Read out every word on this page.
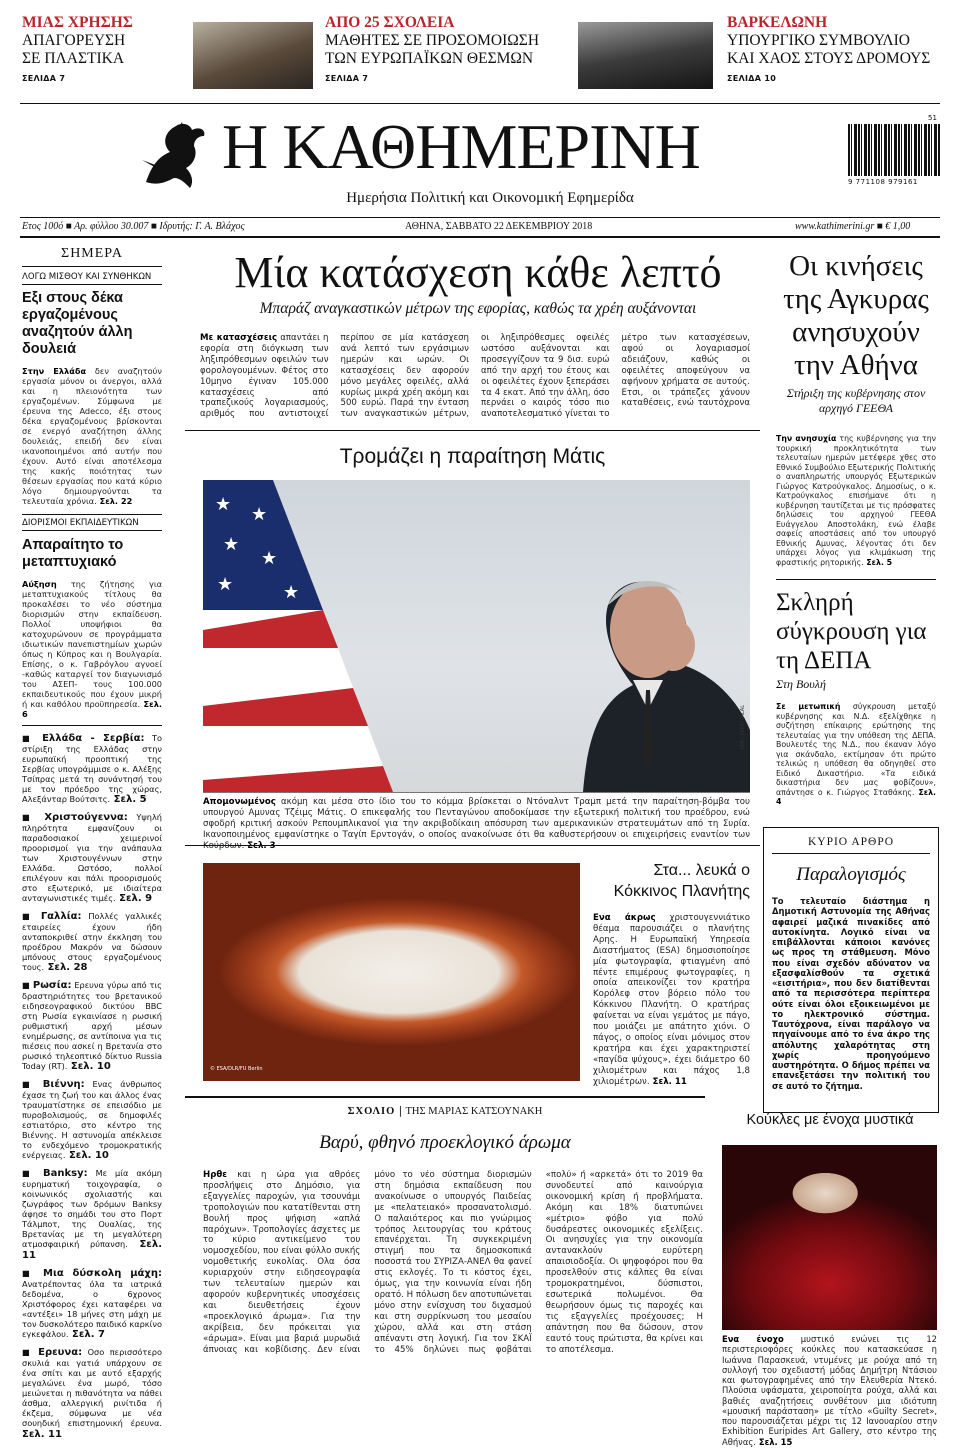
ΜΙΑΣ ΧΡΗΣΗΣ
ΑΠΑΓΟΡΕΥΣΗ
ΣΕ ΠΛΑΣΤΙΚΑ
ΣΕΛΙΔΑ 7
ΑΠΟ 25 ΣΧΟΛΕΙΑ
ΜΑΘΗΤΕΣ ΣΕ ΠΡΟΣΟΜΟΙΩΣΗ
ΤΩΝ ΕΥΡΩΠΑΪΚΩΝ ΘΕΣΜΩΝ
ΣΕΛΙΔΑ 7
ΒΑΡΚΕΛΩΝΗ
ΥΠΟΥΡΓΙΚΟ ΣΥΜΒΟΥΛΙΟ
ΚΑΙ ΧΑΟΣ ΣΤΟΥΣ ΔΡΟΜΟΥΣ
ΣΕΛΙΔΑ 10
Η ΚΑΘΗΜΕΡΙΝΗ
Ημερήσια Πολιτική και Οικονομική Εφημερίδα
9 771108 979161
51
Ετος 100ό ■ Αρ. φύλλου 30.007 ■ Ιδρυτής: Γ. Α. Βλάχος	ΑΘΗΝΑ, ΣΑΒΒΑΤΟ 22 ΔΕΚΕΜΒΡΙΟΥ 2018	www.kathimerini.gr ■ € 1,00
ΣΗΜΕΡΑ
ΛΟΓΩ ΜΙΣΘΟΥ ΚΑΙ ΣΥΝΘΗΚΩΝ
Εξι στους δέκα εργαζομένους αναζητούν άλλη δουλειά
Στην Ελλάδα δεν αναζητούν εργασία μόνον οι άνεργοι, αλλά και η πλειονότητα των εργαζομένων. Σύμφωνα με έρευνα της Adecco, έξι στους δέκα εργαζομένους βρίσκονται σε ενεργό αναζήτηση άλλης δουλειάς, επειδή δεν είναι ικανοποιημένοι από αυτήν που έχουν. Αυτό είναι αποτέλεσμα της κακής ποιότητας των θέσεων εργασίας που κατά κύριο λόγο δημιουργούνται τα τελευταία χρόνια. Σελ. 22
ΔΙΟΡΙΣΜΟΙ ΕΚΠΑΙΔΕΥΤΙΚΩΝ
Απαραίτητο το μεταπτυχιακό
Αύξηση της ζήτησης για μεταπτυχιακούς τίτλους θα προκαλέσει το νέο σύστημα διορισμών στην εκπαίδευση. Πολλοί υποψήφιοι θα κατοχυρώνουν σε προγράμματα ιδιωτικών πανεπιστημίων χωρών όπως η Κύπρος και η Βουλγαρία. Επίσης, ο κ. Γαβρόγλου αγνοεί -καθώς καταργεί τον διαγωνισμό του ΑΣΕΠ- τους 100.000 εκπαιδευτικούς που έχουν μικρή ή και καθόλου προϋπηρεσία. Σελ. 6
■ Ελλάδα - Σερβία: Το στίριξη της Ελλάδας στην ευρωπαϊκή προοπτική της Σερβίας υπογράμμισε ο κ. Αλέξης Τσίπρας μετά τη συνάντησή του με τον πρόεδρο της χώρας, Αλεξάνταρ Βούτσιτς. Σελ. 5
■ Χριστούγεννα: Υψηλή πληρότητα εμφανίζουν οι παραδοσιακοί χειμερινοί προορισμοί για την ανάπαυλα των Χριστουγέννων στην Ελλάδα. Ωστόσο, πολλοί επιλέγουν και πάλι προορισμούς στο εξωτερικό, με ιδιαίτερα ανταγωνιστικές τιμές. Σελ. 9
■ Γαλλία: Πολλές γαλλικές εταιρείες έχουν ήδη ανταποκριθεί στην έκκληση του προέδρου Μακρόν να δώσουν μπόνους στους εργαζομένους τους. Σελ. 28
■ Ρωσία: Ερευνα γύρω από τις δραστηριότητες του βρετανικού ειδησεογραφικού δικτύου BBC στη Ρωσία εγκαινίασε η ρωσική ρυθμιστική αρχή μέσων ενημέρωσης, σε αντίποινα για τις πιέσεις που ασκεί η Βρετανία στο ρωσικό τηλεοπτικό δίκτυο Russia Today (RT). Σελ. 10
■ Βιέννη: Ενας άνθρωπος έχασε τη ζωή του και άλλος ένας τραυματίστηκε σε επεισόδιο με πυροβολισμούς, σε δημοφιλές εστιατόριο, στο κέντρο της Βιέννης. Η αστυνομία απέκλεισε το ενδεχόμενο τρομοκρατικής ενέργειας. Σελ. 10
■ Banksy: Με μία ακόμη ευρηματική τοιχογραφία, ο κοινωνικός σχολιαστής και ζωγράφος των δρόμων Banksy άφησε το σημάδι του στο Πορτ Τάλμποτ, της Ουαλίας, της Βρετανίας με τη μεγαλύτερη ατμοσφαιρική ρύπανση. Σελ. 11
■ Μια δύσκολη μάχη: Ανατρέποντας όλα τα ιατρικά δεδομένα, ο 6χρονος Χριστόφορος έχει καταφέρει να «αντέξει» 18 μήνες στη μάχη με τον δυσκολότερο παιδικό καρκίνο εγκεφάλου. Σελ. 7
■ Ερευνα: Οσο περισσότερο σκυλιά και γατιά υπάρχουν σε ένα σπίτι και με αυτό εξαρχής μεγαλώνει ένα μωρό, τόσο μειώνεται η πιθανότητα να πάθει άσθμα, αλλεργική ρινίτιδα ή έκζεμα, σύμφωνα με νέα σουηδική επιστημονική έρευνα. Σελ. 11
Μία κατάσχεση κάθε λεπτό
Μπαράζ αναγκαστικών μέτρων της εφορίας, καθώς τα χρέη αυξάνονται
Με κατασχέσεις απαντάει η εφορία στη διόγκωση των ληξιπρόθεσμων οφειλών των φορολογουμένων. Φέτος στο 10μηνο έγιναν 105.000 κατασχέσεις από τραπεζικούς λογαριασμούς, αριθμός που αντιστοιχεί περίπου σε μία κατάσχεση ανά λεπτό των εργάσιμων ημερών και ωρών. Οι κατασχέσεις δεν αφορούν μόνο μεγάλες οφειλές, αλλά κυρίως μικρά χρέη ακόμη και 500 ευρώ. Παρά την ένταση των αναγκαστικών μέτρων, οι ληξιπρόθεσμες οφειλές ωστόσο αυξάνονται και προσεγγίζουν τα 9 δισ. ευρώ από την αρχή του έτους και οι οφειλέτες έχουν ξεπεράσει τα 4 εκατ. Από την άλλη, όσο περνάει ο καιρός τόσο πιο αναποτελεσματικό γίνεται το μέτρο των κατασχέσεων, αφού οι λογαριασμοί αδειάζουν, καθώς οι οφειλέτες αποφεύγουν να αφήνουν χρήματα σε αυτούς. Ετσι, οι τράπεζες χάνουν καταθέσεις, ενώ ταυτόχρονα
Τρομάζει η παραίτηση Μάτις
★ ★
★
★
★	★
EPA / JIMMY JALAL
Απομονωμένος ακόμη και μέσα στο ίδιο του το κόμμα βρίσκεται ο Ντόναλντ Τραμπ μετά την παραίτηση-βόμβα του υπουργού Αμυνας Τζέιμς Μάτις. Ο επικεφαλής του Πενταγώνου αποδοκίμασε την εξωτερική πολιτική του προέδρου, ενώ σφοδρή κριτική ασκούν Ρεπουμπλικανοί για την ακριβοδίκαιη απόσυρση των αμερικανικών στρατευμάτων από τη Συρία. Ικανοποιημένος εμφανίστηκε ο Ταγίπ Ερντογάν, ο οποίος ανακοίνωσε ότι θα καθυστερήσουν οι επιχειρήσεις εναντίον των
Οι κινήσεις της Αγκυρας ανησυχούν την Αθήνα
Στήριξη της κυβέρνησης στον αρχηγό ΓΕΕΘΑ
Την ανησυχία της κυβέρνησης για την τουρκική προκλητικότητα των τελευταίων ημερών μετέφερε χθες στο Εθνικό Συμβούλιο Εξωτερικής Πολιτικής ο αναπληρωτής υπουργός Εξωτερικών Γιώργος Κατρούγκαλος. Δημοσίως, ο κ. Κατρούγκαλος επισήμανε ότι η κυβέρνηση ταυτίζεται με τις πρόσφατες δηλώσεις του αρχηγού ΓΕΕΘΑ Ευάγγελου Αποστολάκη, ενώ έλαβε σαφείς αποστάσεις από τον υπουργό Εθνικής Αμυνας, λέγοντας ότι δεν υπάρχει λόγος για κλιμάκωση της φραστικής ρητορικής. Σελ. 5
Σκληρή σύγκρουση για τη ΔΕΠΑ
Στη Βουλή
Σε μετωπική σύγκρουση μεταξύ κυβέρνησης και Ν.Δ. εξελίχθηκε η συζήτηση επίκαιρης ερώτησης της τελευταίας για την υπόθεση της ΔΕΠΑ. Βουλευτές της Ν.Δ., που έκαναν λόγο για σκάνδαλο, εκτίμησαν ότι πρώτο τελικώς η υπόθεση θα οδηγηθεί στο Ειδικό Δικαστήριο. «Τα ειδικά δικαστήρια δεν μας φοβίζουν», απάντησε ο κ. Γιώργος Σταθάκης. Σελ. 4
ΚΥΡΙΟ ΑΡΘΡΟ
Παραλογισμός
Το τελευταίο διάστημα η Δημοτική Αστυνομία της Αθήνας αφαιρεί μαζικά πινακίδες από αυτοκίνητα. Λογικό είναι να επιβάλλονται κάποιοι κανόνες ως προς τη στάθμευση. Μόνο που είναι σχεδόν αδύνατον να εξασφαλίσθούν τα σχετικά «εισιτήρια», που δεν διατίθενται από τα περισσότερα περίπτερα ούτε είναι όλοι εξοικειωμένοι με το ηλεκτρονικό σύστημα. Ταυτόχρονα, είναι παράλογο να πηγαίνουμε από το ένα άκρο της απόλυτης χαλαρότητας στη χωρίς προηγούμενο αυστηρότητα. Ο δήμος πρέπει να επανεξετάσει την πολιτική του σε αυτό το ζήτημα.
© ESA/DLR/FU Berlin
Στα... λευκά ο Κόκκινος Πλανήτης
Ενα άκρως χριστουγεννιάτικο θέαμα παρουσιάζει ο πλανήτης Αρης. Η Ευρωπαϊκή Υπηρεσία Διαστήματος (ESA) δημοσιοποίησε μία φωτογραφία, φτιαγμένη από πέντε επιμέρους φωτογραφίες, η οποία απεικονίζει τον κρατήρα Κορόλεφ στον βόρειο πόλο του Κόκκινου Πλανήτη. Ο κρατήρας φαίνεται να είναι γεμάτος με πάγο, που μοιάζει με απάτητο χιόνι. Ο πάγος, ο οποίος είναι μόνιμος στον κρατήρα και έχει χαρακτηριστεί «παγίδα ψύχους», έχει διάμετρο 60 χιλιομέτρων και πάχος 1,8 χιλιομέτρων. Σελ. 11
ΣΧΟΛΙΟ | ΤΗΣ ΜΑΡΙΑΣ ΚΑΤΣΟΥΝΑΚΗ
Βαρύ, φθηνό προεκλογικό άρωμα
Ηρθε και η ώρα για αθρόες προσλήψεις στο Δημόσιο, για εξαγγελίες παροχών, για τσουνάμι τροπολογιών που κατατίθενται στη Βουλή προς ψήφιση «απλά παρόχων». Τροπολογίες άσχετες με το κύριο αντικείμενο του νομοσχεδίου, που είναι φύλλο συκής νομοθετικής ευκολίας. Ολα όσα κυριαρχούν στην ειδησεογραφία των τελευταίων ημερών και αφορούν κυβερνητικές υποσχέσεις και διευθετήσεις έχουν «προεκλογικό άρωμα». Για την ακρίβεια, δεν πρόκειται για «άρωμα». Είναι μια βαριά μυρωδιά άπνοιας και κοβίδισης. Δεν είναι μόνο το νέο σύστημα διορισμών στη δημόσια εκπαίδευση που ανακοίνωσε ο υπουργός Παιδείας με «πελατειακό» προσανατολισμό. Ο παλαιότερος και πιο γνώριμος τρόπος λειτουργίας του κράτους επανέρχεται. Τη συγκεκριμένη στιγμή που τα δημοσκοπικά ποσοστά του ΣΥΡΙΖΑ-ΑΝΕΛ θα φανεί στις εκλογές. Το τι κόστος έχει, όμως, για την κοινωνία είναι ήδη ορατό. Η πόλωση δεν αποτυπώνεται μόνο στην ενίσχυση του διχασμού και στη συρρίκνωση του μεσαίου χώρου, αλλά και στη στάση απέναντι στη λογική. Για τον ΣΚΑΪ το 45% δηλώνει πως φοβάται «πολύ» ή «αρκετά» ότι το 2019 θα συνοδευτεί από καινούργια οικονομική κρίση ή προβλήματα. Ακόμη και 18% διατυπώνει «μέτριο» φόβο για πολύ δυσάρεστες οικονομικές εξελίξεις. Οι ανησυχίες για την οικονομία αντανακλούν ευρύτερη απαισιοδοξία. Οι ψηφοφόροι που θα προσελθούν στις κάλπες θα είναι τρομοκρατημένοι, δύσπιστοι, εσωτερικά πολωμένοι. Θα θεωρήσουν όμως τις παροχές και τις εξαγγελίες προέχουσες; Η απάντηση που θα δώσουν, στον εαυτό τους πρώτιστα, θα κρίνει και το αποτέλεσμα.
Κούκλες με ένοχα μυστικά
Ενα ένοχο μυστικό ενώνει τις 12 περιστεριοφόρες κούκλες που κατασκεύασε η Ιωάννα Παρασκευά, ντυμένες με ρούχα από τη συλλογή του σχεδιαστή μόδας Δημήτρη Ντάσιου και φωτογραφημένες από την Ελευθερία Ντεκό. Πλούσια υφάσματα, χειροποίητα ρούχα, αλλά και βαθιές αναζητήσεις συνθέτουν μια ιδιότυπη «μουσική παράσταση» με τίτλο «Guilty Secret», που παρουσιάζεται μέχρι τις 12 Ιανουαρίου στην Εxhibition Εuripides Αrt Gallery, στο κέντρο της Αθήνας. Σελ. 15
